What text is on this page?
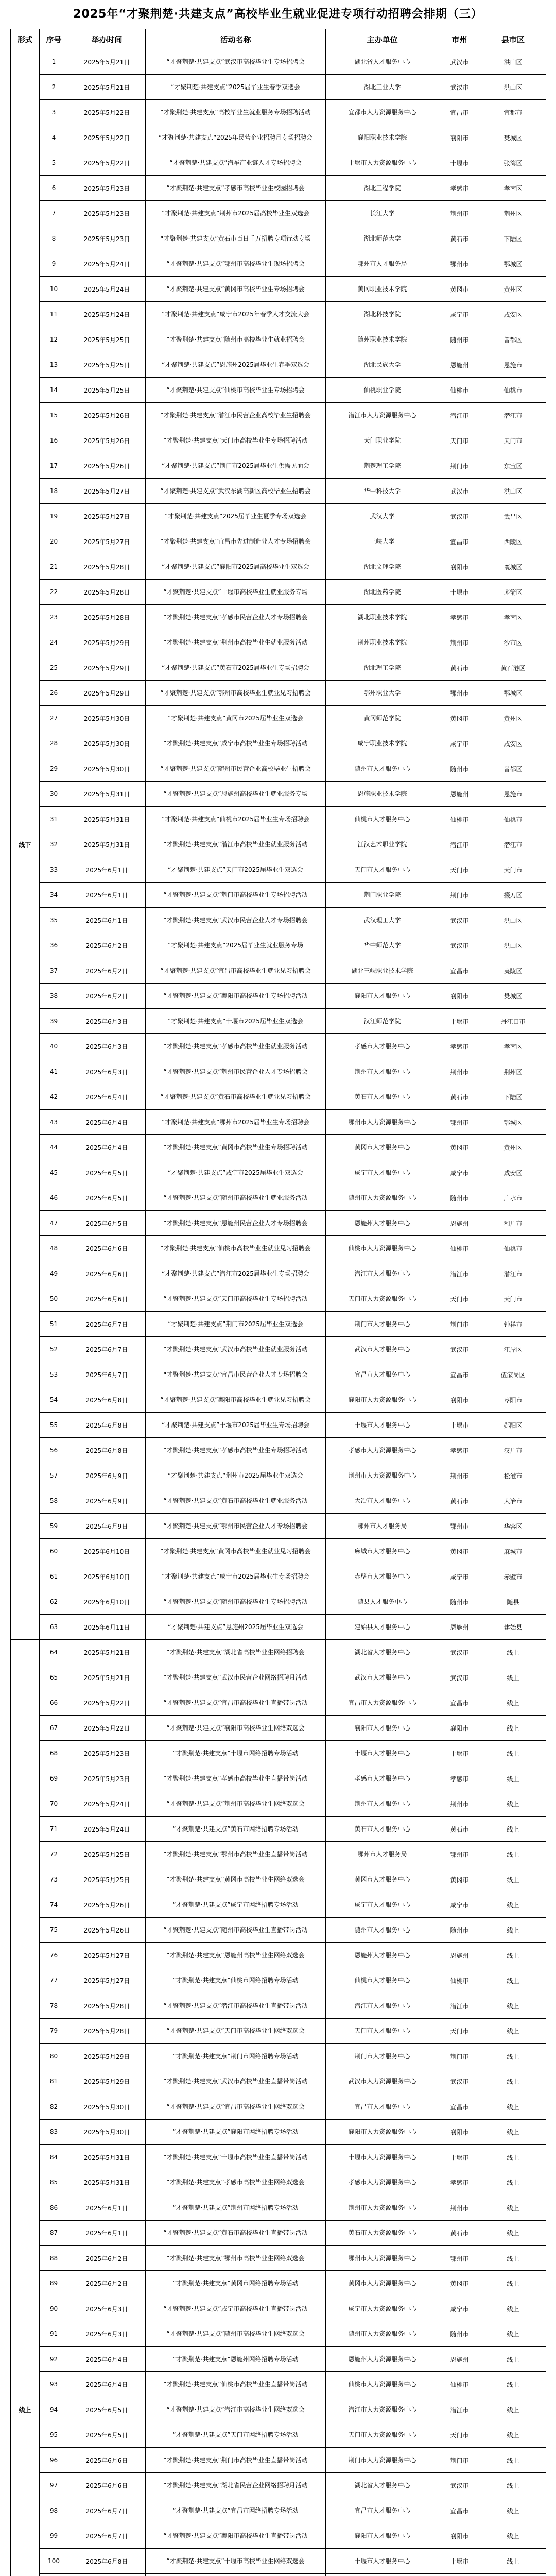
2025年“才聚荆楚·共建支点”高校毕业生就业促进专项行动招聘会排期（三）
形式	序号	举办时间	活动名称	主办单位	市州	县市区
线下	1	2025年5月21日	“才聚荆楚·共建支点”武汉市高校毕业生专场招聘会	湖北省人才服务中心	武汉市	洪山区
	2	2025年5月21日	“才聚荆楚·共建支点”2025届毕业生春季双选会	湖北工业大学	武汉市	洪山区
	3	2025年5月22日	“才聚荆楚·共建支点”高校毕业生就业服务专场招聘活动	宜都市人力资源服务中心	宜昌市	宜都市
	4	2025年5月22日	“才聚荆楚·共建支点”2025年民营企业招聘月专场招聘会	襄阳职业技术学院	襄阳市	樊城区
	5	2025年5月22日	“才聚荆楚·共建支点”汽车产业链人才专场招聘会	十堰市人力资源服务中心	十堰市	张湾区
	6	2025年5月23日	“才聚荆楚·共建支点”孝感市高校毕业生校园招聘会	湖北工程学院	孝感市	孝南区
	7	2025年5月23日	“才聚荆楚·共建支点”荆州市2025届高校毕业生双选会	长江大学	荆州市	荆州区
	8	2025年5月23日	“才聚荆楚·共建支点”黄石市百日千万招聘专项行动专场	湖北师范大学	黄石市	下陆区
	9	2025年5月24日	“才聚荆楚·共建支点”鄂州市高校毕业生现场招聘会	鄂州市人才服务局	鄂州市	鄂城区
	10	2025年5月24日	“才聚荆楚·共建支点”黄冈市高校毕业生专场招聘会	黄冈职业技术学院	黄冈市	黄州区
	11	2025年5月24日	“才聚荆楚·共建支点”咸宁市2025年春季人才交流大会	湖北科技学院	咸宁市	咸安区
	12	2025年5月25日	“才聚荆楚·共建支点”随州市高校毕业生就业招聘会	随州职业技术学院	随州市	曾都区
	13	2025年5月25日	“才聚荆楚·共建支点”恩施州2025届毕业生春季双选会	湖北民族大学	恩施州	恩施市
	14	2025年5月25日	“才聚荆楚·共建支点”仙桃市高校毕业生专场招聘会	仙桃职业学院	仙桃市	仙桃市
	15	2025年5月26日	“才聚荆楚·共建支点”潜江市民营企业高校毕业生招聘会	潜江市人力资源服务中心	潜江市	潜江市
	16	2025年5月26日	“才聚荆楚·共建支点”天门市高校毕业生专场招聘活动	天门职业学院	天门市	天门市
	17	2025年5月26日	“才聚荆楚·共建支点”荆门市2025届毕业生供需见面会	荆楚理工学院	荆门市	东宝区
	18	2025年5月27日	“才聚荆楚·共建支点”武汉东湖高新区高校毕业生招聘会	华中科技大学	武汉市	洪山区
	19	2025年5月27日	“才聚荆楚·共建支点”2025届毕业生夏季专场双选会	武汉大学	武汉市	武昌区
	20	2025年5月27日	“才聚荆楚·共建支点”宜昌市先进制造业人才专场招聘会	三峡大学	宜昌市	西陵区
	21	2025年5月28日	“才聚荆楚·共建支点”襄阳市2025届高校毕业生双选会	湖北文理学院	襄阳市	襄城区
	22	2025年5月28日	“才聚荆楚·共建支点”十堰市高校毕业生就业服务专场	湖北医药学院	十堰市	茅箭区
	23	2025年5月28日	“才聚荆楚·共建支点”孝感市民营企业人才专场招聘会	湖北职业技术学院	孝感市	孝南区
	24	2025年5月29日	“才聚荆楚·共建支点”荆州市高校毕业生就业服务活动	荆州职业技术学院	荆州市	沙市区
	25	2025年5月29日	“才聚荆楚·共建支点”黄石市2025届毕业生专场招聘会	湖北理工学院	黄石市	黄石港区
	26	2025年5月29日	“才聚荆楚·共建支点”鄂州市高校毕业生就业见习招聘会	鄂州职业大学	鄂州市	鄂城区
	27	2025年5月30日	“才聚荆楚·共建支点”黄冈市2025届毕业生双选会	黄冈师范学院	黄冈市	黄州区
	28	2025年5月30日	“才聚荆楚·共建支点”咸宁市高校毕业生专场招聘活动	咸宁职业技术学院	咸宁市	咸安区
	29	2025年5月30日	“才聚荆楚·共建支点”随州市民营企业高校毕业生招聘会	随州市人才服务中心	随州市	曾都区
	30	2025年5月31日	“才聚荆楚·共建支点”恩施州高校毕业生就业服务专场	恩施职业技术学院	恩施州	恩施市
	31	2025年5月31日	“才聚荆楚·共建支点”仙桃市2025届毕业生专场招聘会	仙桃市人才服务中心	仙桃市	仙桃市
	32	2025年5月31日	“才聚荆楚·共建支点”潜江市高校毕业生就业服务活动	江汉艺术职业学院	潜江市	潜江市
	33	2025年6月1日	“才聚荆楚·共建支点”天门市2025届毕业生双选会	天门市人才服务中心	天门市	天门市
	34	2025年6月1日	“才聚荆楚·共建支点”荆门市高校毕业生专场招聘活动	荆门职业学院	荆门市	掇刀区
	35	2025年6月1日	“才聚荆楚·共建支点”武汉市民营企业人才专场招聘会	武汉理工大学	武汉市	洪山区
	36	2025年6月2日	“才聚荆楚·共建支点”2025届毕业生就业服务专场	华中师范大学	武汉市	洪山区
	37	2025年6月2日	“才聚荆楚·共建支点”宜昌市高校毕业生就业见习招聘会	湖北三峡职业技术学院	宜昌市	夷陵区
	38	2025年6月2日	“才聚荆楚·共建支点”襄阳市高校毕业生专场招聘活动	襄阳市人才服务中心	襄阳市	樊城区
	39	2025年6月3日	“才聚荆楚·共建支点”十堰市2025届毕业生双选会	汉江师范学院	十堰市	丹江口市
	40	2025年6月3日	“才聚荆楚·共建支点”孝感市高校毕业生就业服务活动	孝感市人才服务中心	孝感市	孝南区
	41	2025年6月3日	“才聚荆楚·共建支点”荆州市民营企业人才专场招聘会	荆州市人才服务中心	荆州市	荆州区
	42	2025年6月4日	“才聚荆楚·共建支点”黄石市高校毕业生就业见习招聘会	黄石市人才服务中心	黄石市	下陆区
	43	2025年6月4日	“才聚荆楚·共建支点”鄂州市2025届毕业生专场招聘会	鄂州市人力资源服务中心	鄂州市	鄂城区
	44	2025年6月4日	“才聚荆楚·共建支点”黄冈市高校毕业生专场招聘活动	黄冈市人才服务中心	黄冈市	黄州区
	45	2025年6月5日	“才聚荆楚·共建支点”咸宁市2025届毕业生双选会	咸宁市人才服务中心	咸宁市	咸安区
	46	2025年6月5日	“才聚荆楚·共建支点”随州市高校毕业生就业服务活动	随州市人力资源服务中心	随州市	广水市
	47	2025年6月5日	“才聚荆楚·共建支点”恩施州民营企业人才专场招聘会	恩施州人才服务中心	恩施州	利川市
	48	2025年6月6日	“才聚荆楚·共建支点”仙桃市高校毕业生就业见习招聘会	仙桃市人力资源服务中心	仙桃市	仙桃市
	49	2025年6月6日	“才聚荆楚·共建支点”潜江市2025届毕业生专场招聘会	潜江市人才服务中心	潜江市	潜江市
	50	2025年6月6日	“才聚荆楚·共建支点”天门市高校毕业生专场招聘活动	天门市人力资源服务中心	天门市	天门市
	51	2025年6月7日	“才聚荆楚·共建支点”荆门市2025届毕业生双选会	荆门市人才服务中心	荆门市	钟祥市
	52	2025年6月7日	“才聚荆楚·共建支点”武汉市高校毕业生就业服务活动	武汉市人才服务中心	武汉市	江岸区
	53	2025年6月7日	“才聚荆楚·共建支点”宜昌市民营企业人才专场招聘会	宜昌市人才服务中心	宜昌市	伍家岗区
	54	2025年6月8日	“才聚荆楚·共建支点”襄阳市高校毕业生就业见习招聘会	襄阳市人力资源服务中心	襄阳市	枣阳市
	55	2025年6月8日	“才聚荆楚·共建支点”十堰市2025届毕业生专场招聘会	十堰市人才服务中心	十堰市	郧阳区
	56	2025年6月8日	“才聚荆楚·共建支点”孝感市高校毕业生专场招聘活动	孝感市人力资源服务中心	孝感市	汉川市
	57	2025年6月9日	“才聚荆楚·共建支点”荆州市2025届毕业生双选会	荆州市人力资源服务中心	荆州市	松滋市
	58	2025年6月9日	“才聚荆楚·共建支点”黄石市高校毕业生就业服务活动	大冶市人才服务中心	黄石市	大冶市
	59	2025年6月9日	“才聚荆楚·共建支点”鄂州市民营企业人才专场招聘会	鄂州市人才服务局	鄂州市	华容区
	60	2025年6月10日	“才聚荆楚·共建支点”黄冈市高校毕业生就业见习招聘会	麻城市人才服务中心	黄冈市	麻城市
	61	2025年6月10日	“才聚荆楚·共建支点”咸宁市2025届毕业生专场招聘会	赤壁市人才服务中心	咸宁市	赤壁市
	62	2025年6月10日	“才聚荆楚·共建支点”随州市高校毕业生专场招聘活动	随县人才服务中心	随州市	随县
	63	2025年6月11日	“才聚荆楚·共建支点”恩施州2025届毕业生双选会	建始县人才服务中心	恩施州	建始县
线上	64	2025年5月21日	“才聚荆楚·共建支点”湖北省高校毕业生网络招聘会	湖北省人才服务中心	武汉市	线上
	65	2025年5月21日	“才聚荆楚·共建支点”武汉市民营企业网络招聘月活动	武汉市人才服务中心	武汉市	线上
	66	2025年5月22日	“才聚荆楚·共建支点”宜昌市高校毕业生直播带岗活动	宜昌市人力资源服务中心	宜昌市	线上
	67	2025年5月22日	“才聚荆楚·共建支点”襄阳市高校毕业生网络双选会	襄阳市人才服务中心	襄阳市	线上
	68	2025年5月23日	“才聚荆楚·共建支点”十堰市网络招聘专场活动	十堰市人才服务中心	十堰市	线上
	69	2025年5月23日	“才聚荆楚·共建支点”孝感市高校毕业生直播带岗活动	孝感市人才服务中心	孝感市	线上
	70	2025年5月24日	“才聚荆楚·共建支点”荆州市高校毕业生网络双选会	荆州市人才服务中心	荆州市	线上
	71	2025年5月24日	“才聚荆楚·共建支点”黄石市网络招聘专场活动	黄石市人才服务中心	黄石市	线上
	72	2025年5月25日	“才聚荆楚·共建支点”鄂州市高校毕业生直播带岗活动	鄂州市人才服务局	鄂州市	线上
	73	2025年5月25日	“才聚荆楚·共建支点”黄冈市高校毕业生网络双选会	黄冈市人才服务中心	黄冈市	线上
	74	2025年5月26日	“才聚荆楚·共建支点”咸宁市网络招聘专场活动	咸宁市人才服务中心	咸宁市	线上
	75	2025年5月26日	“才聚荆楚·共建支点”随州市高校毕业生直播带岗活动	随州市人才服务中心	随州市	线上
	76	2025年5月27日	“才聚荆楚·共建支点”恩施州高校毕业生网络双选会	恩施州人才服务中心	恩施州	线上
	77	2025年5月27日	“才聚荆楚·共建支点”仙桃市网络招聘专场活动	仙桃市人才服务中心	仙桃市	线上
	78	2025年5月28日	“才聚荆楚·共建支点”潜江市高校毕业生直播带岗活动	潜江市人才服务中心	潜江市	线上
	79	2025年5月28日	“才聚荆楚·共建支点”天门市高校毕业生网络双选会	天门市人才服务中心	天门市	线上
	80	2025年5月29日	“才聚荆楚·共建支点”荆门市网络招聘专场活动	荆门市人才服务中心	荆门市	线上
	81	2025年5月29日	“才聚荆楚·共建支点”武汉市高校毕业生直播带岗活动	武汉市人力资源服务中心	武汉市	线上
	82	2025年5月30日	“才聚荆楚·共建支点”宜昌市高校毕业生网络双选会	宜昌市人才服务中心	宜昌市	线上
	83	2025年5月30日	“才聚荆楚·共建支点”襄阳市网络招聘专场活动	襄阳市人力资源服务中心	襄阳市	线上
	84	2025年5月31日	“才聚荆楚·共建支点”十堰市高校毕业生直播带岗活动	十堰市人力资源服务中心	十堰市	线上
	85	2025年5月31日	“才聚荆楚·共建支点”孝感市高校毕业生网络双选会	孝感市人力资源服务中心	孝感市	线上
	86	2025年6月1日	“才聚荆楚·共建支点”荆州市网络招聘专场活动	荆州市人力资源服务中心	荆州市	线上
	87	2025年6月1日	“才聚荆楚·共建支点”黄石市高校毕业生直播带岗活动	黄石市人力资源服务中心	黄石市	线上
	88	2025年6月2日	“才聚荆楚·共建支点”鄂州市高校毕业生网络双选会	鄂州市人力资源服务中心	鄂州市	线上
	89	2025年6月2日	“才聚荆楚·共建支点”黄冈市网络招聘专场活动	黄冈市人力资源服务中心	黄冈市	线上
	90	2025年6月3日	“才聚荆楚·共建支点”咸宁市高校毕业生直播带岗活动	咸宁市人力资源服务中心	咸宁市	线上
	91	2025年6月3日	“才聚荆楚·共建支点”随州市高校毕业生网络双选会	随州市人力资源服务中心	随州市	线上
	92	2025年6月4日	“才聚荆楚·共建支点”恩施州网络招聘专场活动	恩施州人力资源服务中心	恩施州	线上
	93	2025年6月4日	“才聚荆楚·共建支点”仙桃市高校毕业生直播带岗活动	仙桃市人力资源服务中心	仙桃市	线上
	94	2025年6月5日	“才聚荆楚·共建支点”潜江市高校毕业生网络双选会	潜江市人力资源服务中心	潜江市	线上
	95	2025年6月5日	“才聚荆楚·共建支点”天门市网络招聘专场活动	天门市人力资源服务中心	天门市	线上
	96	2025年6月6日	“才聚荆楚·共建支点”荆门市高校毕业生直播带岗活动	荆门市人力资源服务中心	荆门市	线上
	97	2025年6月6日	“才聚荆楚·共建支点”湖北省民营企业网络招聘月活动	湖北省人才服务中心	武汉市	线上
	98	2025年6月7日	“才聚荆楚·共建支点”宜昌市网络招聘专场活动	宜昌市人才服务中心	宜昌市	线上
	99	2025年6月7日	“才聚荆楚·共建支点”襄阳市高校毕业生直播带岗活动	襄阳市人才服务中心	襄阳市	线上
	100	2025年6月8日	“才聚荆楚·共建支点”十堰市高校毕业生网络双选会	十堰市人才服务中心	十堰市	线上
